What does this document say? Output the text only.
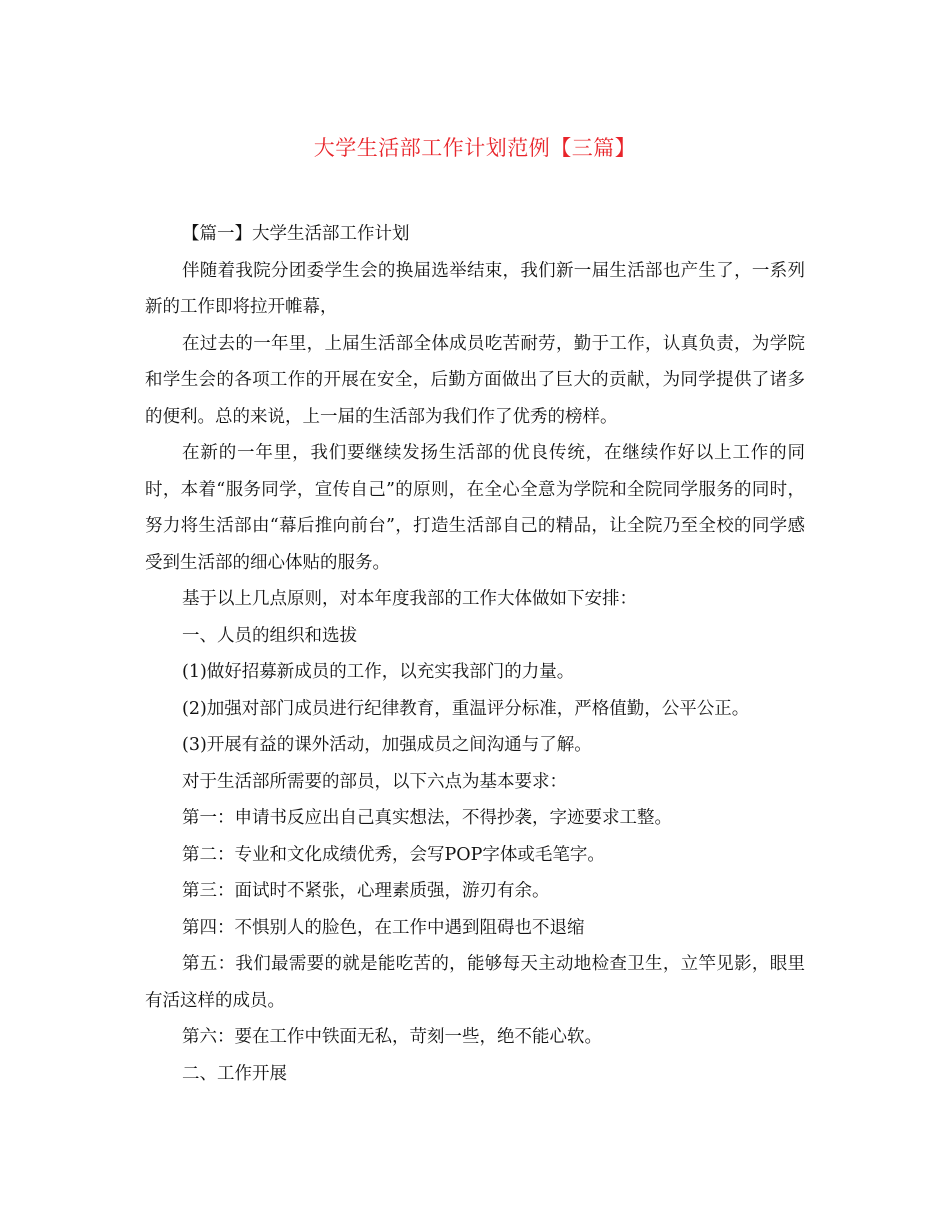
大学生活部工作计划范例【三篇】

【篇一】大学生活部工作计划

伴随着我院分团委学生会的换届选举结束，我们新一届生活部也产生了，一系列新的工作即将拉开帷幕，

在过去的一年里，上届生活部全体成员吃苦耐劳，勤于工作，认真负责，为学院和学生会的各项工作的开展在安全，后勤方面做出了巨大的贡献，为同学提供了诸多的便利。总的来说，上一届的生活部为我们作了优秀的榜样。

在新的一年里，我们要继续发扬生活部的优良传统，在继续作好以上工作的同时，本着“服务同学，宣传自己”的原则，在全心全意为学院和全院同学服务的同时，努力将生活部由“幕后推向前台”，打造生活部自己的精品，让全院乃至全校的同学感受到生活部的细心体贴的服务。

基于以上几点原则，对本年度我部的工作大体做如下安排：

一、人员的组织和选拔

(1)做好招募新成员的工作，以充实我部门的力量。

(2)加强对部门成员进行纪律教育，重温评分标准，严格值勤，公平公正。

(3)开展有益的课外活动，加强成员之间沟通与了解。

对于生活部所需要的部员，以下六点为基本要求：

第一：申请书反应出自己真实想法，不得抄袭，字迹要求工整。

第二：专业和文化成绩优秀，会写POP字体或毛笔字。

第三：面试时不紧张，心理素质强，游刃有余。

第四：不惧别人的脸色，在工作中遇到阻碍也不退缩

第五：我们最需要的就是能吃苦的，能够每天主动地检查卫生，立竿见影，眼里有活这样的成员。

第六：要在工作中铁面无私，苛刻一些，绝不能心软。

二、工作开展
